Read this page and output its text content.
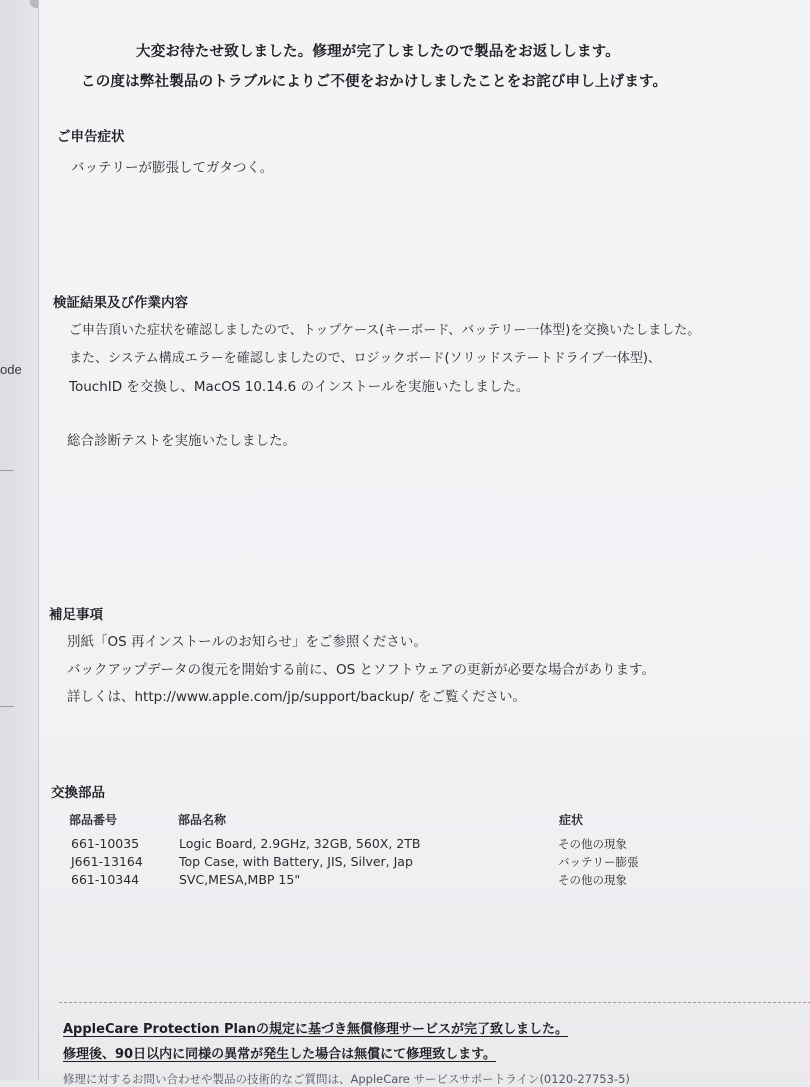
ode

大変お待たせ致しました。修理が完了しましたので製品をお返しします。

この度は弊社製品のトラブルによりご不便をおかけしましたことをお詫び申し上げます。

ご申告症状

バッテリーが膨張してガタつく。

検証結果及び作業内容

ご申告頂いた症状を確認しましたので、トップケース(キーボード、バッテリー一体型)を交換いたしました。

また、システム構成エラーを確認しましたので、ロジックボード(ソリッドステートドライブ一体型)、

TouchID を交換し、MacOS 10.14.6 のインストールを実施いたしました。

総合診断テストを実施いたしました。

補足事項

別紙「OS 再インストールのお知らせ」をご参照ください。

バックアップデータの復元を開始する前に、OS とソフトウェアの更新が必要な場合があります。

詳しくは、http://www.apple.com/jp/support/backup/ をご覧ください。

交換部品

部品番号	部品名称	症状

661-10035	Logic Board, 2.9GHz, 32GB, 560X, 2TB	その他の現象

J661-13164	Top Case, with Battery, JIS, Silver, Jap	バッテリー膨張

661-10344	SVC,MESA,MBP 15"	その他の現象

AppleCare Protection Planの規定に基づき無償修理サービスが完了致しました。

修理後、90日以内に同様の異常が発生した場合は無償にて修理致します。

修理に対するお問い合わせや製品の技術的なご質問は、AppleCare サービスサポートライン(0120-27753-5)
